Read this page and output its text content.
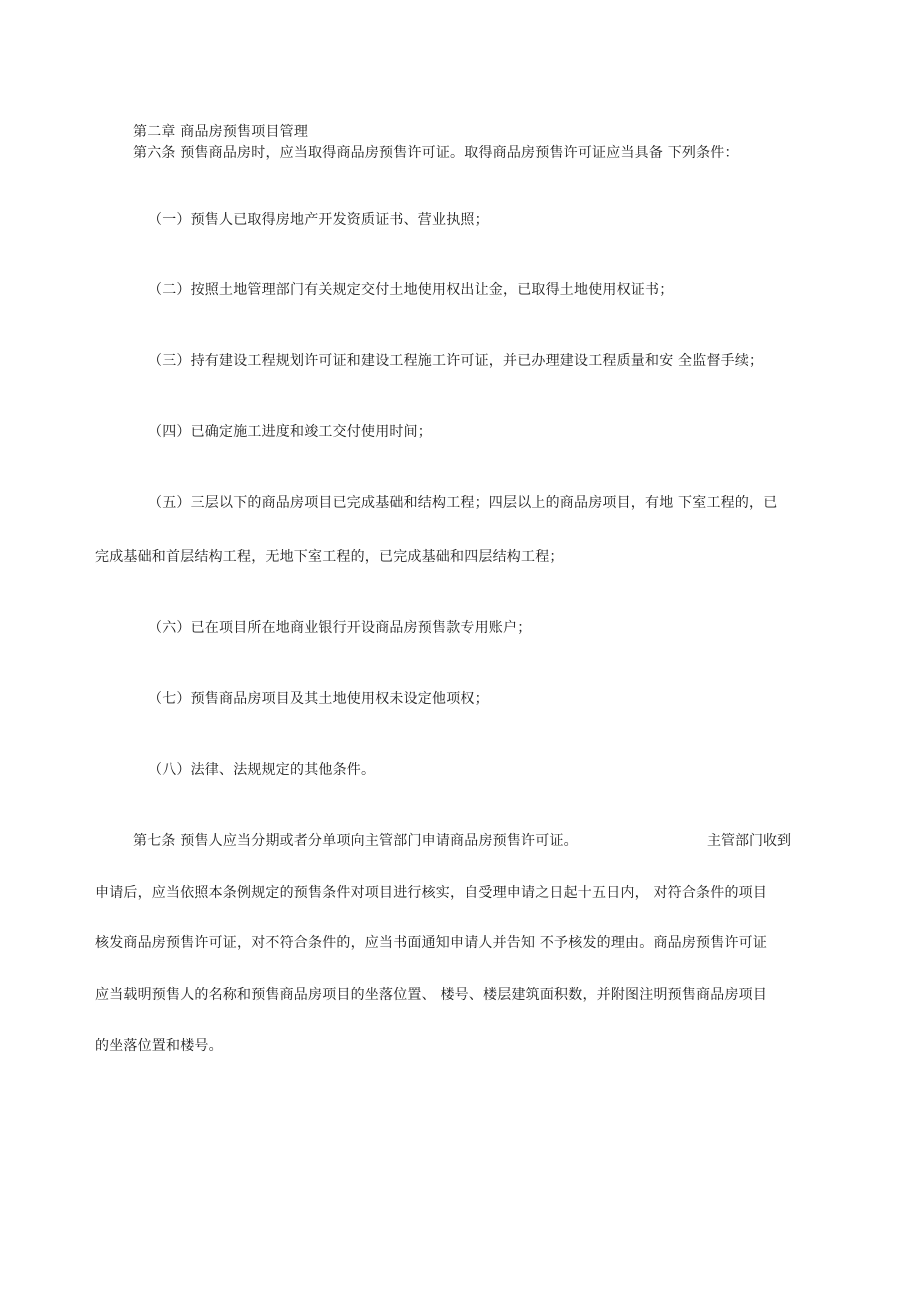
第二章 商品房预售项目管理

第六条 预售商品房时，应当取得商品房预售许可证。取得商品房预售许可证应当具备 下列条件：

（一）预售人已取得房地产开发资质证书、营业执照；

（二）按照土地管理部门有关规定交付土地使用权出让金，已取得土地使用权证书；

（三）持有建设工程规划许可证和建设工程施工许可证，并已办理建设工程质量和安 全监督手续；

（四）已确定施工进度和竣工交付使用时间；

（五）三层以下的商品房项目已完成基础和结构工程；四层以上的商品房项目，有地 下室工程的，已

完成基础和首层结构工程，无地下室工程的，已完成基础和四层结构工程；

（六）已在项目所在地商业银行开设商品房预售款专用账户；

（七）预售商品房项目及其土地使用权未设定他项权；

（八）法律、法规规定的其他条件。

第七条 预售人应当分期或者分单项向主管部门申请商品房预售许可证。	主管部门收到

申请后，应当依照本条例规定的预售条件对项目进行核实，自受理申请之日起十五日内， 对符合条件的项目

核发商品房预售许可证，对不符合条件的，应当书面通知申请人并告知 不予核发的理由。商品房预售许可证

应当载明预售人的名称和预售商品房项目的坐落位置、 楼号、楼层建筑面积数，并附图注明预售商品房项目

的坐落位置和楼号。
